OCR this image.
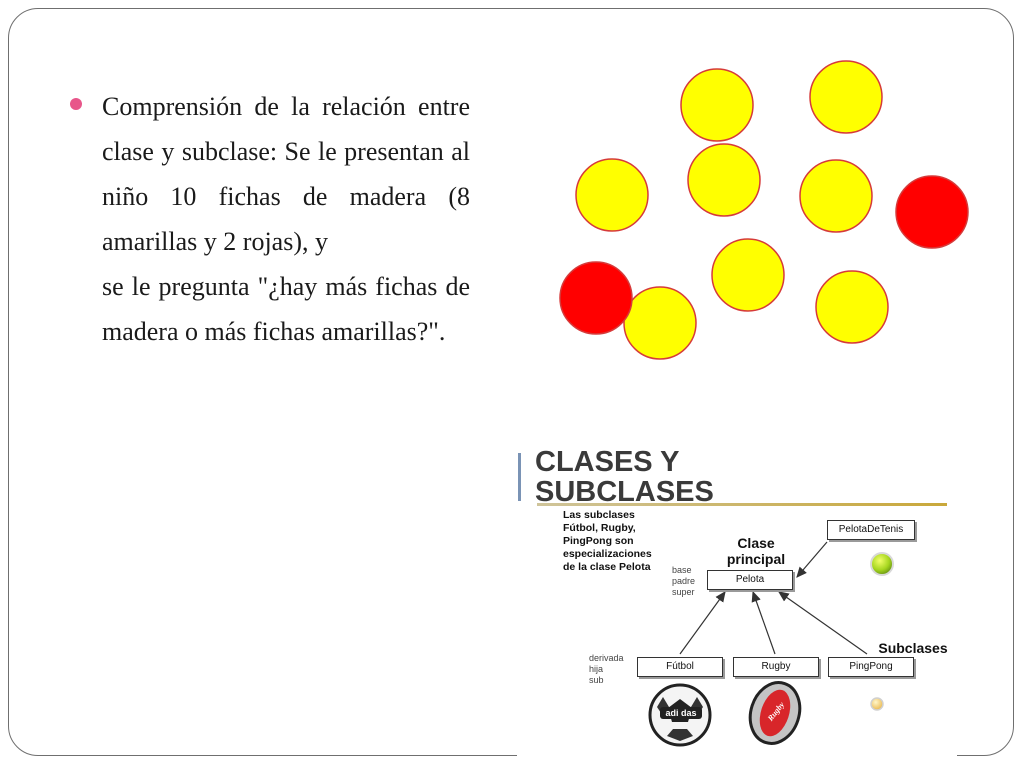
Comprensión de la relación entre clase y subclase: Se le presentan al niño 10 fichas de madera (8 amarillas y 2 rojas), y
se le pregunta "¿hay más fichas de madera o más fichas amarillas?".

CLASES Y
SUBCLASES

Las subclases
Fútbol, Rugby,
PingPong son
especializaciones
de la clase Pelota

Clase
principal
base
padre
super
derivada
hija
sub
Subclases
PelotaDeTenis
Pelota
Fútbol	Rugby	PingPong
adi das	Rugby
